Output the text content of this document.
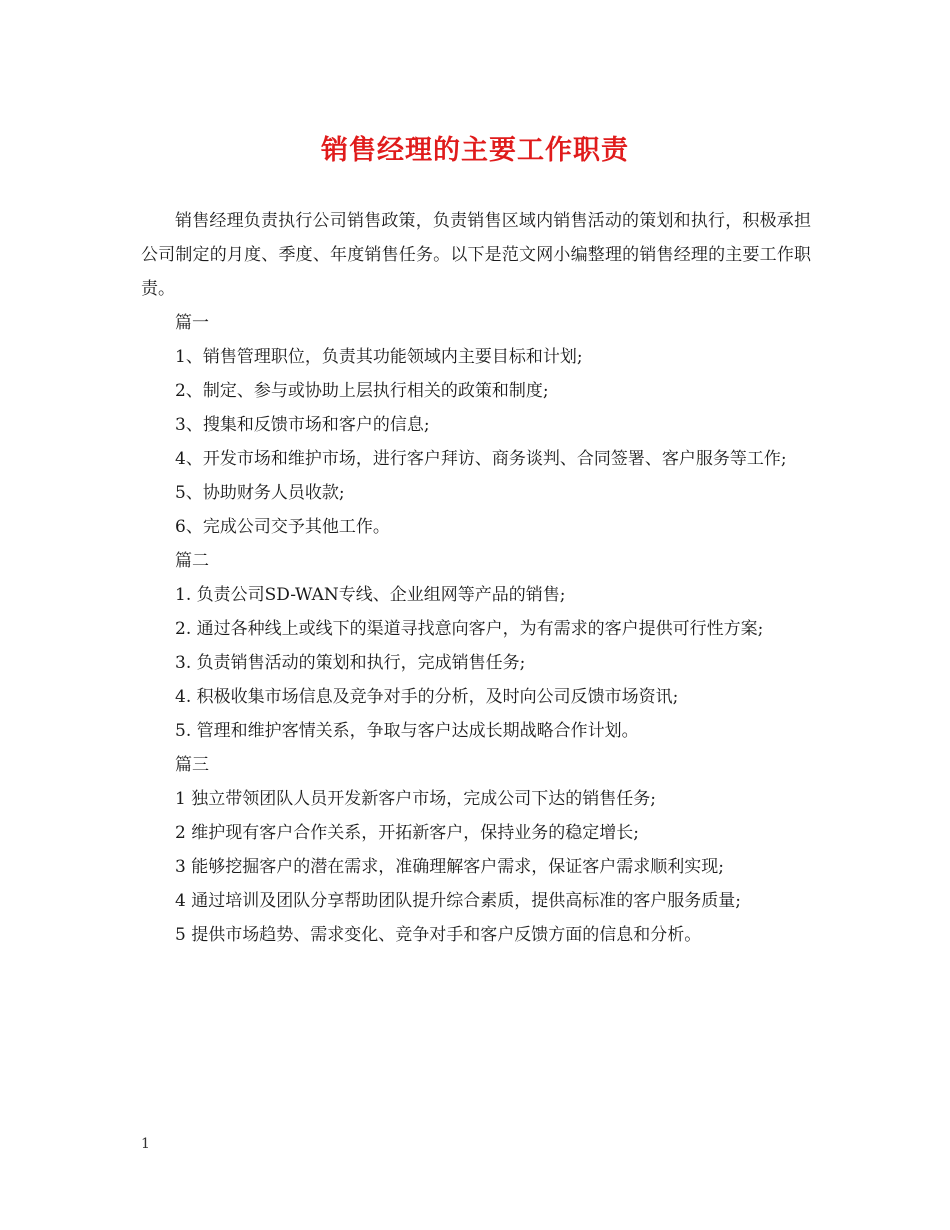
销售经理的主要工作职责

销售经理负责执行公司销售政策，负责销售区域内销售活动的策划和执行，积极承担公司制定的月度、季度、年度销售任务。以下是范文网小编整理的销售经理的主要工作职责。

篇一

1、销售管理职位，负责其功能领域内主要目标和计划;

2、制定、参与或协助上层执行相关的政策和制度;

3、搜集和反馈市场和客户的信息;

4、开发市场和维护市场，进行客户拜访、商务谈判、合同签署、客户服务等工作;

5、协助财务人员收款;

6、完成公司交予其他工作。

篇二

1. 负责公司SD-WAN专线、企业组网等产品的销售;

2. 通过各种线上或线下的渠道寻找意向客户，为有需求的客户提供可行性方案;

3. 负责销售活动的策划和执行，完成销售任务;

4. 积极收集市场信息及竞争对手的分析，及时向公司反馈市场资讯;

5. 管理和维护客情关系，争取与客户达成长期战略合作计划。

篇三

1 独立带领团队人员开发新客户市场，完成公司下达的销售任务;

2 维护现有客户合作关系，开拓新客户，保持业务的稳定增长;

3 能够挖掘客户的潜在需求，准确理解客户需求，保证客户需求顺利实现;

4 通过培训及团队分享帮助团队提升综合素质，提供高标准的客户服务质量;

5 提供市场趋势、需求变化、竞争对手和客户反馈方面的信息和分析。

1
